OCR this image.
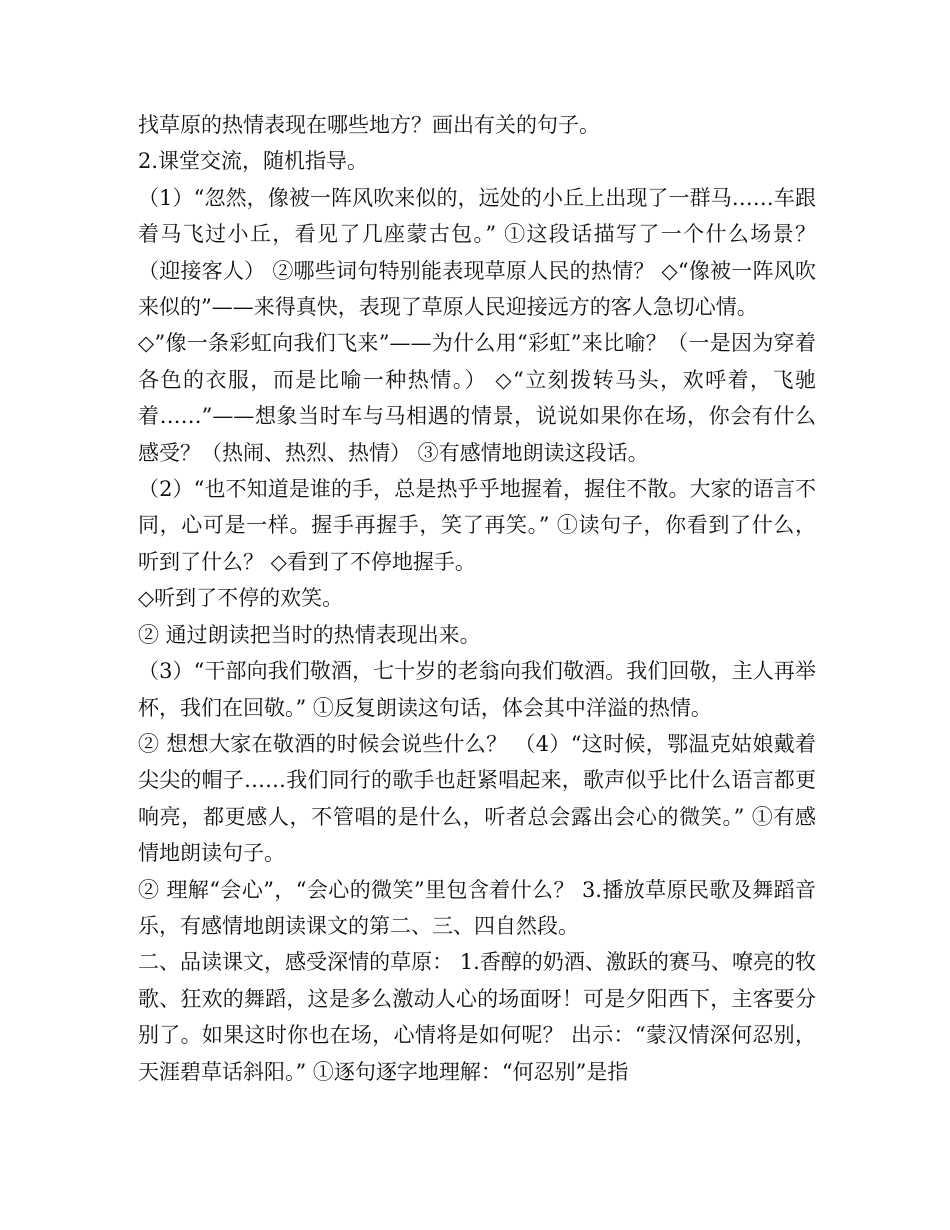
找草原的热情表现在哪些地方？画出有关的句子。

2.课堂交流，随机指导。

（1）“忽然，像被一阵风吹来似的，远处的小丘上出现了一群马……车跟着马飞过小丘，看见了几座蒙古包。” ①这段话描写了一个什么场景？（迎接客人） ②哪些词句特别能表现草原人民的热情？ ◇“像被一阵风吹来似的”——来得真快，表现了草原人民迎接远方的客人急切心情。

◇”像一条彩虹向我们飞来”——为什么用“彩虹”来比喻？（一是因为穿着各色的衣服，而是比喻一种热情。） ◇“立刻拨转马头，欢呼着，飞驰着……”——想象当时车与马相遇的情景，说说如果你在场，你会有什么感受？（热闹、热烈、热情） ③有感情地朗读这段话。

（2）“也不知道是谁的手，总是热乎乎地握着，握住不散。大家的语言不同，心可是一样。握手再握手，笑了再笑。” ①读句子，你看到了什么，听到了什么？ ◇看到了不停地握手。

◇听到了不停的欢笑。

② 通过朗读把当时的热情表现出来。

（3）“干部向我们敬酒，七十岁的老翁向我们敬酒。我们回敬，主人再举杯，我们在回敬。” ①反复朗读这句话，体会其中洋溢的热情。

② 想想大家在敬酒的时候会说些什么？ （4）“这时候，鄂温克姑娘戴着尖尖的帽子……我们同行的歌手也赶紧唱起来，歌声似乎比什么语言都更响亮，都更感人，不管唱的是什么，听者总会露出会心的微笑。” ①有感情地朗读句子。

② 理解“会心”，“会心的微笑”里包含着什么？ 3.播放草原民歌及舞蹈音乐，有感情地朗读课文的第二、三、四自然段。

二、品读课文，感受深情的草原： 1.香醇的奶酒、激跃的赛马、嘹亮的牧歌、狂欢的舞蹈，这是多么激动人心的场面呀！可是夕阳西下，主客要分别了。如果这时你也在场，心情将是如何呢？ 出示：“蒙汉情深何忍别，天涯碧草话斜阳。” ①逐句逐字地理解：“何忍别”是指
